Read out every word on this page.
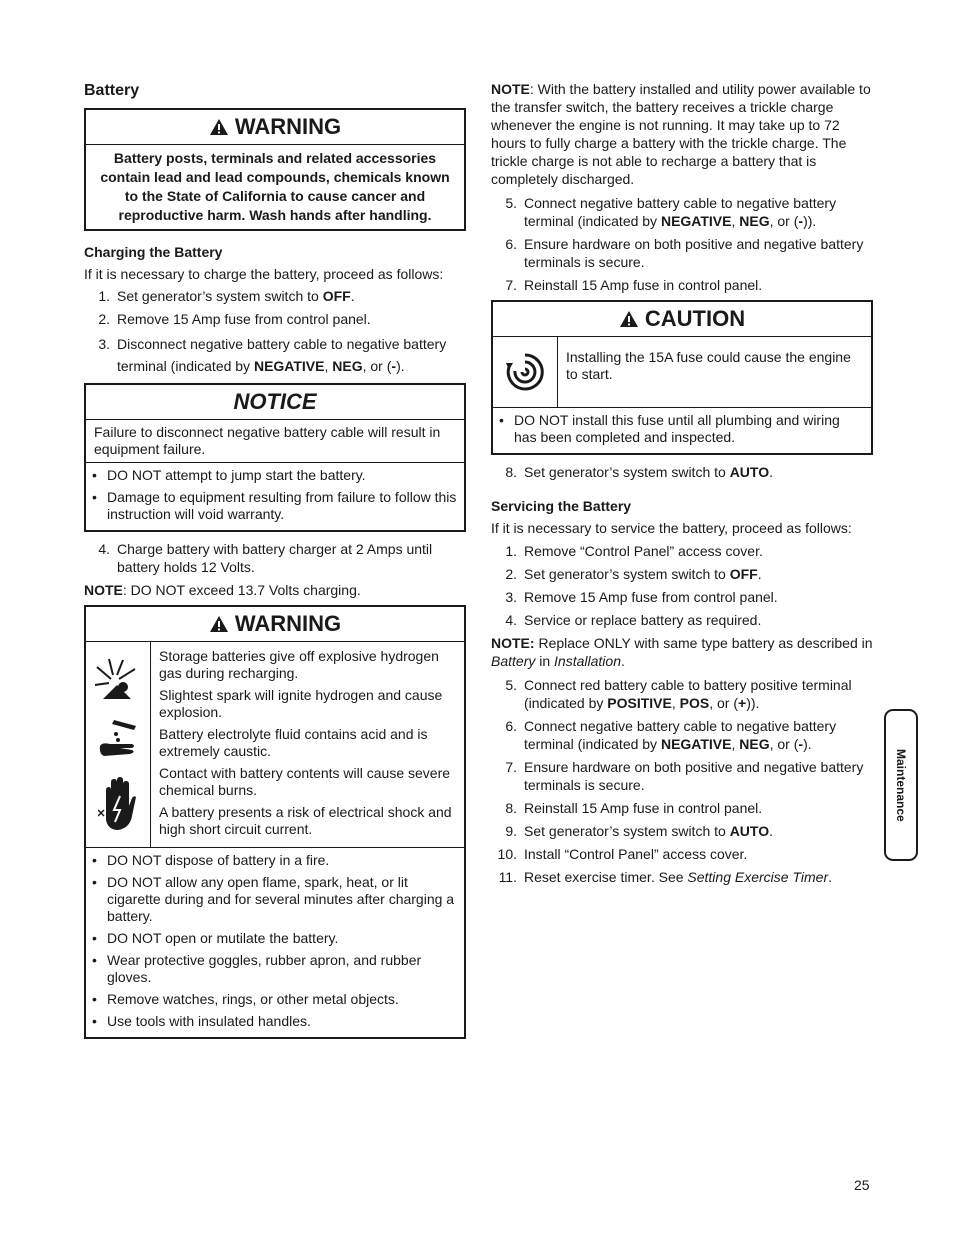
Battery

WARNING

Battery posts, terminals and related accessories contain lead and lead compounds, chemicals known to the State of California to cause cancer and reproductive harm. Wash hands after handling.

Charging the Battery

If it is necessary to charge the battery, proceed as follows:

1. Set generator’s system switch to OFF.
2. Remove 15 Amp fuse from control panel.
3. Disconnect negative battery cable to negative battery terminal (indicated by NEGATIVE, NEG, or (-).
NOTICE

Failure to disconnect negative battery cable will result in equipment failure.

• DO NOT attempt to jump start the battery.
• Damage to equipment resulting from failure to follow this instruction will void warranty.
4. Charge battery with battery charger at 2 Amps until battery holds 12 Volts.

NOTE: DO NOT exceed 13.7 Volts charging.

WARNING

Storage batteries give off explosive hydrogen gas during recharging.

Slightest spark will ignite hydrogen and cause explosion.

Battery electrolyte fluid contains acid and is extremely caustic.

Contact with battery contents will cause severe chemical burns.

A battery presents a risk of electrical shock and high short circuit current.

• DO NOT dispose of battery in a fire.
• DO NOT allow any open flame, spark, heat, or lit cigarette during and for several minutes after charging a battery.
• DO NOT open or mutilate the battery.
• Wear protective goggles, rubber apron, and rubber gloves.
• Remove watches, rings, or other metal objects.
• Use tools with insulated handles.

NOTE: With the battery installed and utility power available to the transfer switch, the battery receives a trickle charge whenever the engine is not running. It may take up to 72 hours to fully charge a battery with the trickle charge. The trickle charge is not able to recharge a battery that is completely discharged.

5. Connect negative battery cable to negative battery terminal (indicated by NEGATIVE, NEG, or (-)).
6. Ensure hardware on both positive and negative battery terminals is secure.
7. Reinstall 15 Amp fuse in control panel.
CAUTION

Installing the 15A fuse could cause the engine to start.

• DO NOT install this fuse until all plumbing and wiring has been completed and inspected.
8. Set generator’s system switch to AUTO.

Servicing the Battery

If it is necessary to service the battery, proceed as follows:

1. Remove “Control Panel” access cover.
2. Set generator’s system switch to OFF.
3. Remove 15 Amp fuse from control panel.
4. Service or replace battery as required.

NOTE: Replace ONLY with same type battery as described in Battery in Installation.

5. Connect red battery cable to battery positive terminal (indicated by POSITIVE, POS, or (+)).
6. Connect negative battery cable to negative battery terminal (indicated by NEGATIVE, NEG, or (-).
7. Ensure hardware on both positive and negative battery terminals is secure.
8. Reinstall 15 Amp fuse in control panel.
9. Set generator’s system switch to AUTO.
10. Install “Control Panel” access cover.
11. Reset exercise timer. See Setting Exercise Timer.
Maintenance
25
